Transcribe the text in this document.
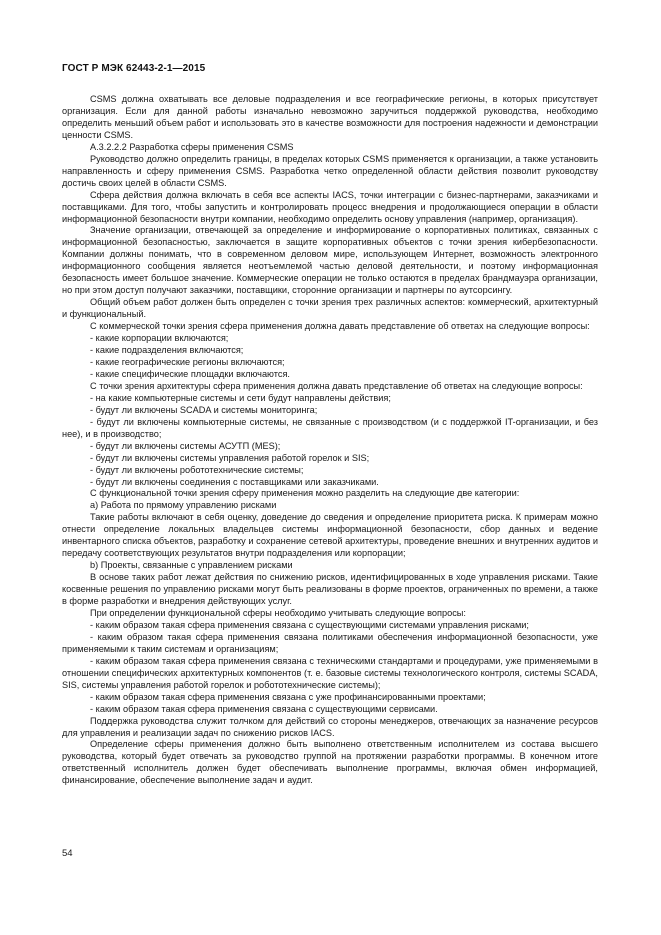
ГОСТ Р МЭК 62443-2-1—2015

CSMS должна охватывать все деловые подразделения и все географические регионы, в которых присутствует организация. Если для данной работы изначально невозможно заручиться поддержкой руководства, необходимо определить меньший объем работ и использовать это в качестве возможности для построения надежности и демонстрации ценности CSMS.

A.3.2.2.2 Разработка сферы применения CSMS

Руководство должно определить границы, в пределах которых CSMS применяется к организации, а также установить направленность и сферу применения CSMS. Разработка четко определенной области действия позволит руководству достичь своих целей в области CSMS.

Сфера действия должна включать в себя все аспекты IACS, точки интеграции с бизнес-партнерами, заказчиками и поставщиками. Для того, чтобы запустить и контролировать процесс внедрения и продолжающиеся операции в области информационной безопасности внутри компании, необходимо определить основу управления (например, организация).

Значение организации, отвечающей за определение и информирование о корпоративных политиках, связанных с информационной безопасностью, заключается в защите корпоративных объектов с точки зрения кибербезопасности. Компании должны понимать, что в современном деловом мире, использующем Интернет, возможность электронного информационного сообщения является неотъемлемой частью деловой деятельности, и поэтому информационная безопасность имеет большое значение. Коммерческие операции не только остаются в пределах брандмауэра организации, но при этом доступ получают заказчики, поставщики, сторонние организации и партнеры по аутсорсингу.

Общий объем работ должен быть определен с точки зрения трех различных аспектов: коммерческий, архитектурный и функциональный.

С коммерческой точки зрения сфера применения должна давать представление об ответах на следующие вопросы:

- какие корпорации включаются;

- какие подразделения включаются;

- какие географические регионы включаются;

- какие специфические площадки включаются.

С точки зрения архитектуры сфера применения должна давать представление об ответах на следующие вопросы:

- на какие компьютерные системы и сети будут направлены действия;

- будут ли включены SCADA и системы мониторинга;

- будут ли включены компьютерные системы, не связанные с производством (и с поддержкой IT-организации, и без нее), и в производство;

- будут ли включены системы АСУТП (MES);

- будут ли включены системы управления работой горелок и SIS;

- будут ли включены робототехнические системы;

- будут ли включены соединения с поставщиками или заказчиками.

С функциональной точки зрения сферу применения можно разделить на следующие две категории:

а) Работа по прямому управлению рисками

Такие работы включают в себя оценку, доведение до сведения и определение приоритета риска. К примерам можно отнести определение локальных владельцев системы информационной безопасности, сбор данных и ведение инвентарного списка объектов, разработку и сохранение сетевой архитектуры, проведение внешних и внутренних аудитов и передачу соответствующих результатов внутри подразделения или корпорации;

b) Проекты, связанные с управлением рисками

В основе таких работ лежат действия по снижению рисков, идентифицированных в ходе управления рисками. Такие косвенные решения по управлению рисками могут быть реализованы в форме проектов, ограниченных по времени, а также в форме разработки и внедрения действующих услуг.

При определении функциональной сферы необходимо учитывать следующие вопросы:

- каким образом такая сфера применения связана с существующими системами управления рисками;

- каким образом такая сфера применения связана политиками обеспечения информационной безопасности, уже применяемыми к таким системам и организациям;

- каким образом такая сфера применения связана с техническими стандартами и процедурами, уже применяемыми в отношении специфических архитектурных компонентов (т. е. базовые системы технологического контроля, системы SCADA, SIS, системы управления работой горелок и робототехнические системы);

- каким образом такая сфера применения связана с уже профинансированными проектами;

- каким образом такая сфера применения связана с существующими сервисами.

Поддержка руководства служит толчком для действий со стороны менеджеров, отвечающих за назначение ресурсов для управления и реализации задач по снижению рисков IACS.

Определение сферы применения должно быть выполнено ответственным исполнителем из состава высшего руководства, который будет отвечать за руководство группой на протяжении разработки программы. В конечном итоге ответственный исполнитель должен будет обеспечивать выполнение программы, включая обмен информацией, финансирование, обеспечение выполнение задач и аудит.

54
